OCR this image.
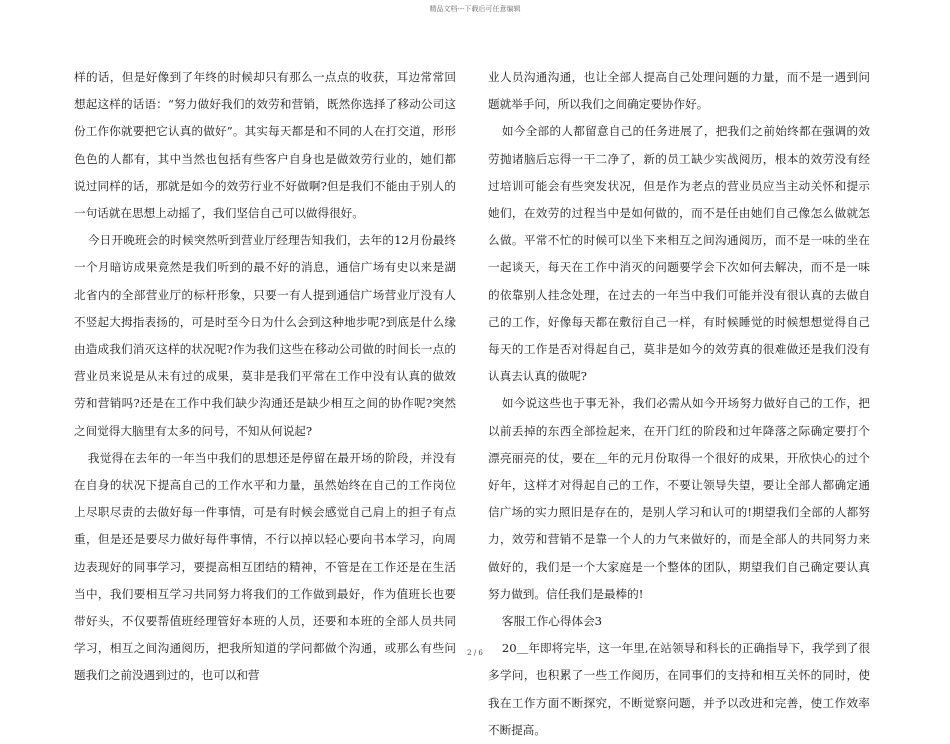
精品文档---下载后可任意编辑

样的话，但是好像到了年终的时候却只有那么一点点的收获，耳边常常回想起这样的话语：“努力做好我们的效劳和营销，既然你选择了移动公司这份工作你就要把它认真的做好”。其实每天都是和不同的人在打交道，形形色色的人都有，其中当然也包括有些客户自身也是做效劳行业的，她们都说过同样的话，那就是如今的效劳行业不好做啊?但是我们不能由于别人的一句话就在思想上动摇了，我们坚信自己可以做得很好。

今日开晚班会的时候突然听到营业厅经理告知我们，去年的12月份最终一个月暗访成果竟然是我们听到的最不好的消息，通信广场有史以来是湖北省内的全部营业厅的标杆形象，只要一有人提到通信广场营业厅没有人不竖起大拇指表扬的，可是时至今日为什么会到这种地步呢?到底是什么缘由造成我们消灭这样的状况呢?作为我们这些在移动公司做的时间长一点的营业员来说是从未有过的成果，莫非是我们平常在工作中没有认真的做效劳和营销吗?还是在工作中我们缺少沟通还是缺少相互之间的协作呢?突然之间觉得大脑里有太多的问号，不知从何说起?

我觉得在去年的一年当中我们的思想还是停留在最开场的阶段，并没有在自身的状况下提高自己的工作水平和力量，虽然始终在自己的工作岗位上尽职尽责的去做好每一件事情，可是有时候会感觉自己肩上的担子有点重，但是还是要尽力做好每件事情，不行以掉以轻心要向书本学习，向周边表现好的同事学习，要提高相互团结的精神，不管是在工作还是在生活当中，我们要相互学习共同努力将我们的工作做到最好，作为值班长也要带好头，不仅要帮值班经理管好本班的人员，还要和本班的全部人员共同学习，相互之间沟通阅历，把我所知道的学问都做个沟通，或那么有些问题我们之前没遇到过的，也可以和营

业人员沟通沟通，也让全部人提高自己处理问题的力量，而不是一遇到问题就举手问，所以我们之间确定要协作好。

如今全部的人都留意自己的任务进展了，把我们之前始终都在强调的效劳抛诸脑后忘得一干二净了，新的员工缺少实战阅历，根本的效劳没有经过培训可能会有些突发状况，但是作为老点的营业员应当主动关怀和提示她们，在效劳的过程当中是如何做的，而不是任由她们自己像怎么做就怎么做。平常不忙的时候可以坐下来相互之间沟通阅历，而不是一味的坐在一起谈天，每天在工作中消灭的问题要学会下次如何去解决，而不是一味的依靠别人挂念处理，在过去的一年当中我们可能并没有很认真的去做自己的工作，好像每天都在敷衍自己一样，有时候睡觉的时候想想觉得自己每天的工作是否对得起自己，莫非是如今的效劳真的很难做还是我们没有认真去认真的做呢?

如今说这些也于事无补，我们必需从如今开场努力做好自己的工作，把以前丢掉的东西全部捡起来，在开门红的阶段和过年降落之际确定要打个漂亮丽亮的仗，要在＿年的元月份取得一个很好的成果，开欣快心的过个好年，这样才对得起自己的工作，不要让领导失望，要让全部人都确定通信广场的实力照旧是存在的，是别人学习和认可的!期望我们全部的人都努力，效劳和营销不是靠一个人的力气来做好的，而是全部人的共同努力来做好的，我们是一个大家庭是一个整体的团队，期望我们自己确定要认真努力做到。信任我们是最棒的!

客服工作心得体会3

20＿年即将完毕，这一年里,在站领导和科长的正确指导下，我学到了很多学问，也积累了一些工作阅历，在同事们的支持和相互关怀的同时，使我在工作方面不断探究，不断觉察问题，并予以改进和完善，使工作效率不断提高。

2 / 6
